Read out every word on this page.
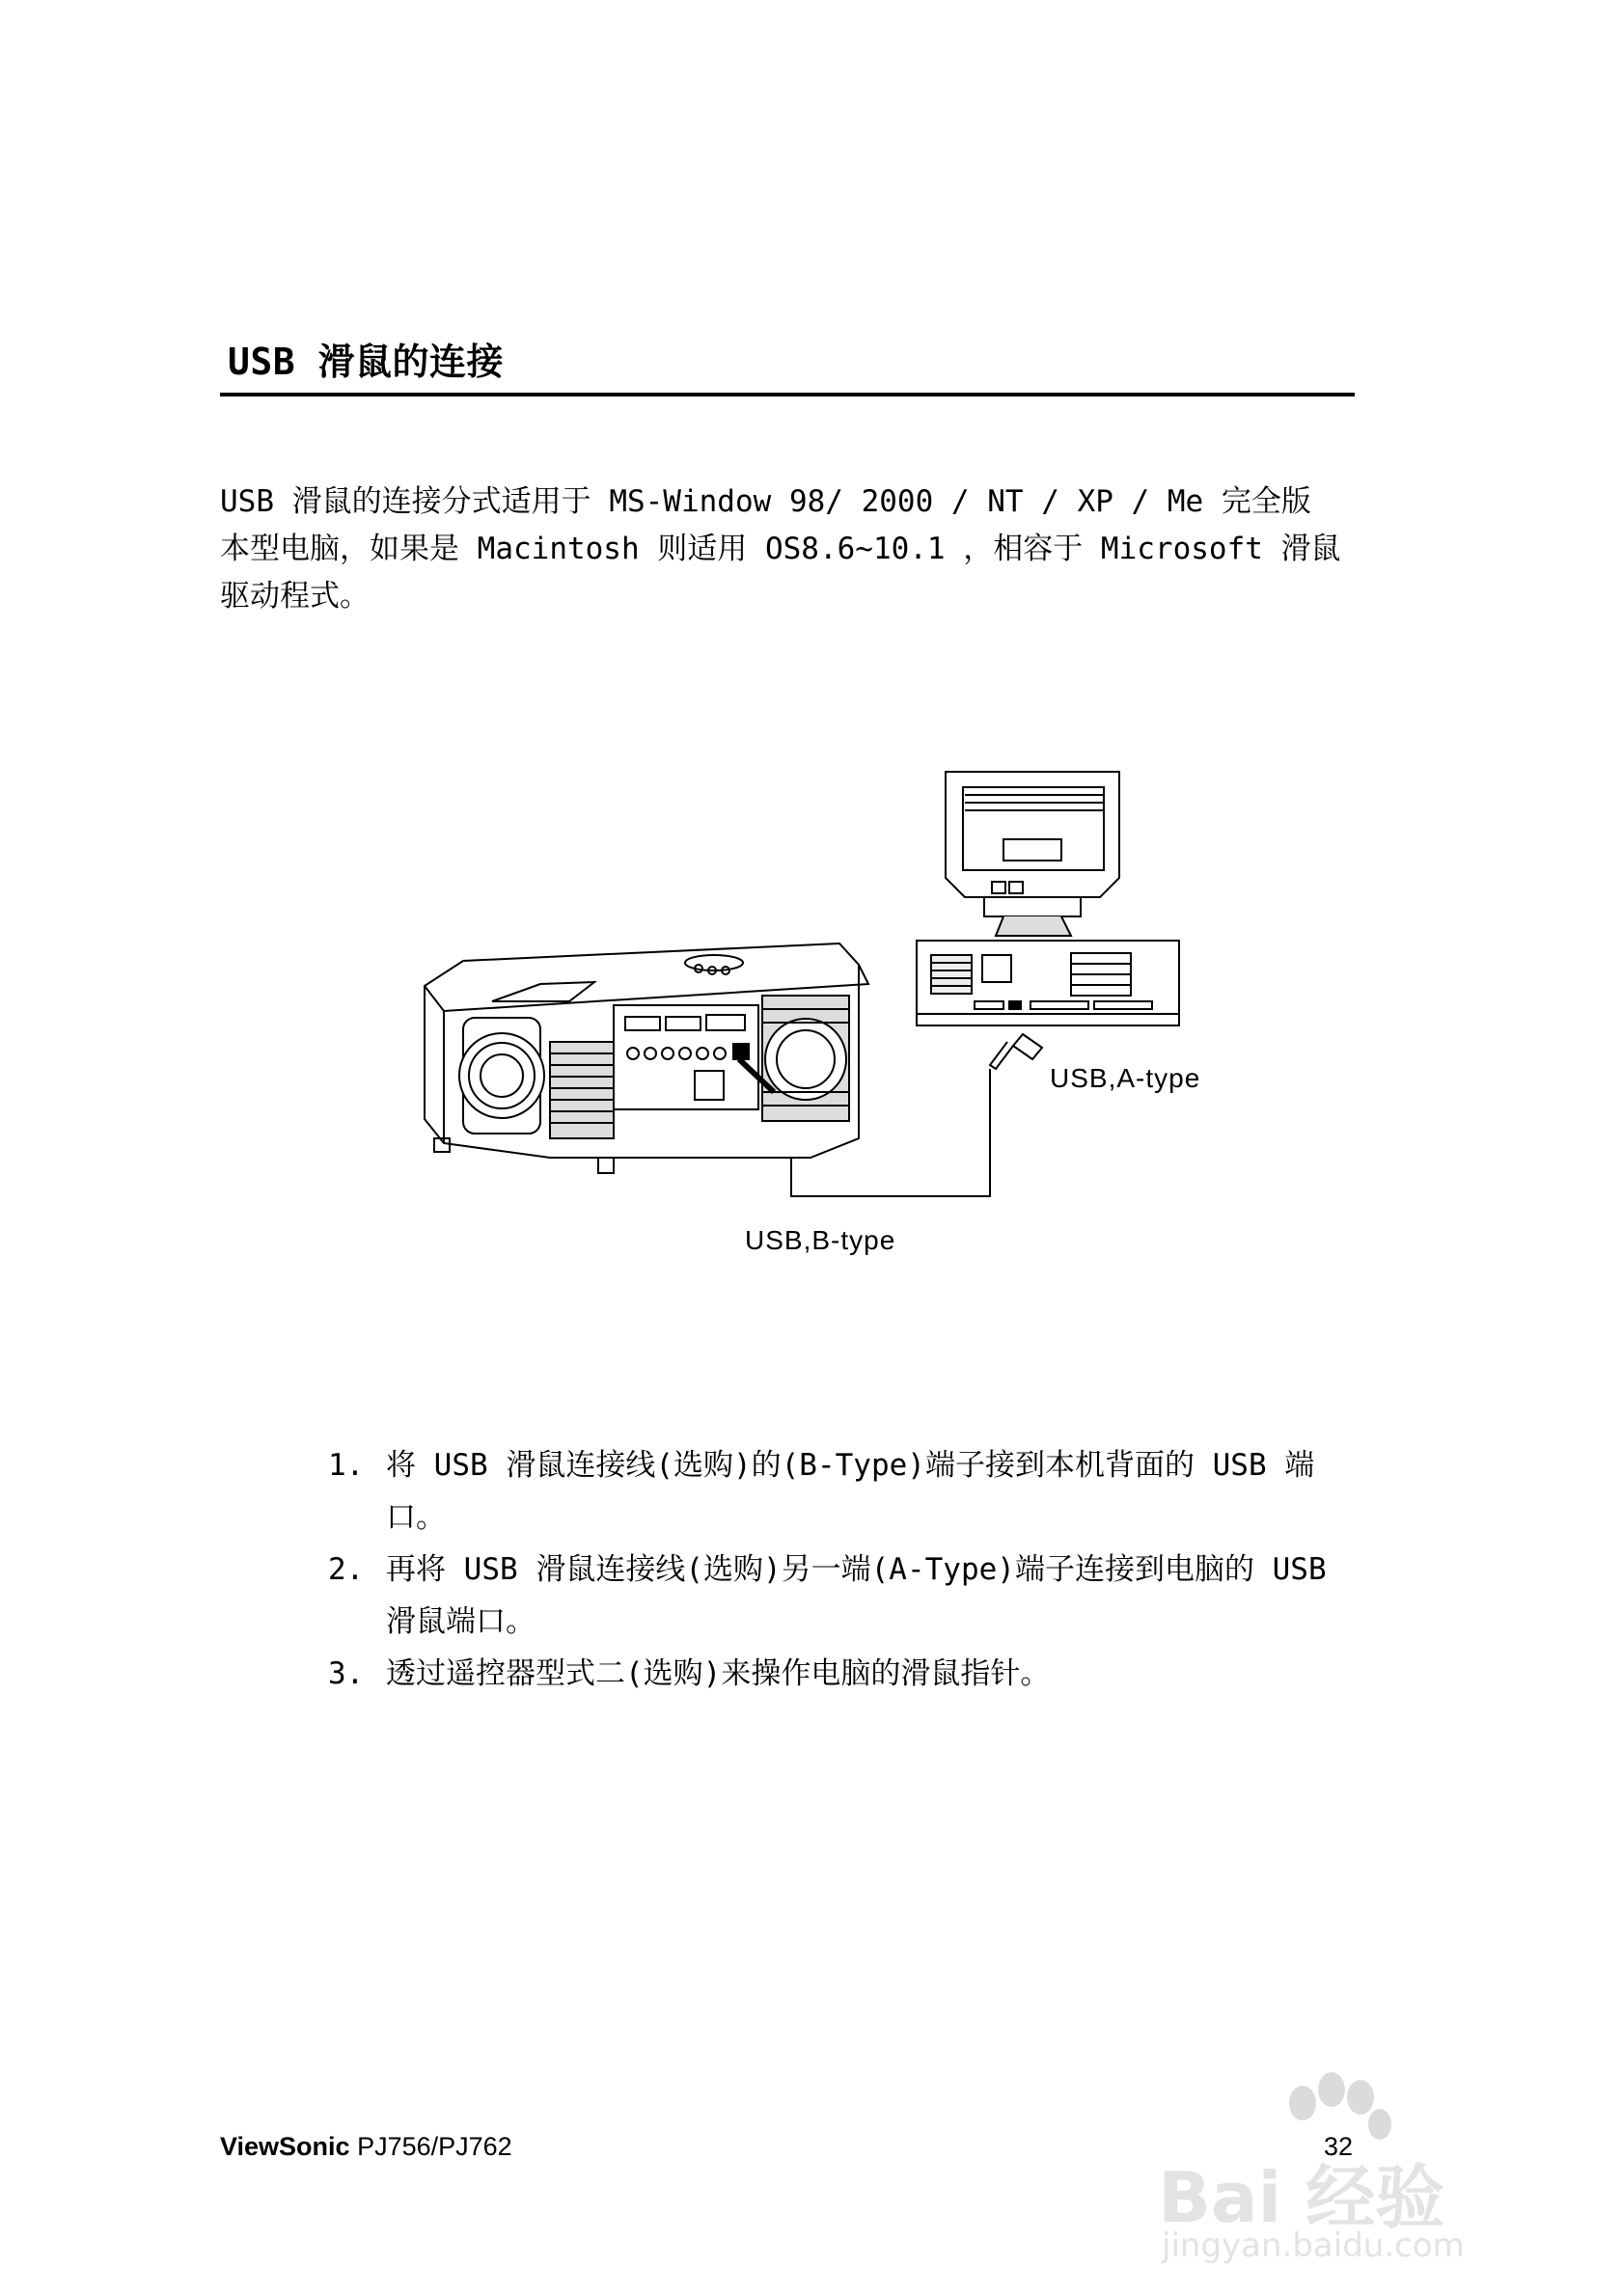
USB 滑鼠的连接
USB 滑鼠的连接分式适用于 MS-Window 98/ 2000 / NT / XP / Me 完全版
本型电脑，如果是 Macintosh 则适用 OS8.6~10.1 ，相容于 Microsoft 滑鼠
驱动程式。
USB,A-type
USB,B-type
1. 将 USB 滑鼠连接线(选购)的(B-Type)端子接到本机背面的 USB 端口。
2. 再将 USB 滑鼠连接线(选购)另一端(A-Type)端子连接到电脑的 USB 滑鼠端口。
3. 透过遥控器型式二(选购)来操作电脑的滑鼠指针。
ViewSonic PJ756/PJ762	32
Bai 经验
jingyan.baidu.com
